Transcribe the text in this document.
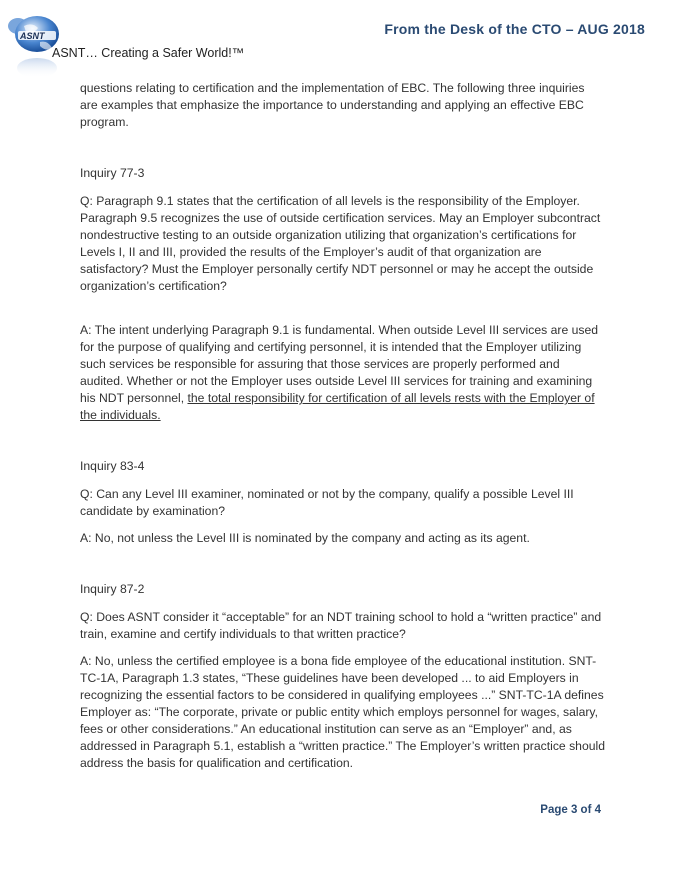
ASNT
ASNT… Creating a Safer World!™
From the Desk of the CTO – AUG 2018

questions relating to certification and the implementation of EBC. The following three inquiries are examples that emphasize the importance to understanding and applying an effective EBC program.

Inquiry 77-3

Q: Paragraph 9.1 states that the certification of all levels is the responsibility of the Employer. Paragraph 9.5 recognizes the use of outside certification services. May an Employer subcontract nondestructive testing to an outside organization utilizing that organization’s certifications for Levels I, II and III, provided the results of the Employer’s audit of that organization are satisfactory? Must the Employer personally certify NDT personnel or may he accept the outside organization’s certification?

A: The intent underlying Paragraph 9.1 is fundamental. When outside Level III services are used for the purpose of qualifying and certifying personnel, it is intended that the Employer utilizing such services be responsible for assuring that those services are properly performed and audited. Whether or not the Employer uses outside Level III services for training and examining his NDT personnel, the total responsibility for certification of all levels rests with the Employer of the individuals.

Inquiry 83-4

Q: Can any Level III examiner, nominated or not by the company, qualify a possible Level III candidate by examination?

A: No, not unless the Level III is nominated by the company and acting as its agent.

Inquiry 87-2

Q: Does ASNT consider it “acceptable” for an NDT training school to hold a “written practice” and train, examine and certify individuals to that written practice?

A: No, unless the certified employee is a bona fide employee of the educational institution. SNT-TC-1A, Paragraph 1.3 states, “These guidelines have been developed ... to aid Employers in recognizing the essential factors to be considered in qualifying employees ...” SNT-TC-1A defines Employer as: “The corporate, private or public entity which employs personnel for wages, salary, fees or other considerations.” An educational institution can serve as an “Employer” and, as addressed in Paragraph 5.1, establish a “written practice.” The Employer’s written practice should address the basis for qualification and certification.

Page 3 of 4
